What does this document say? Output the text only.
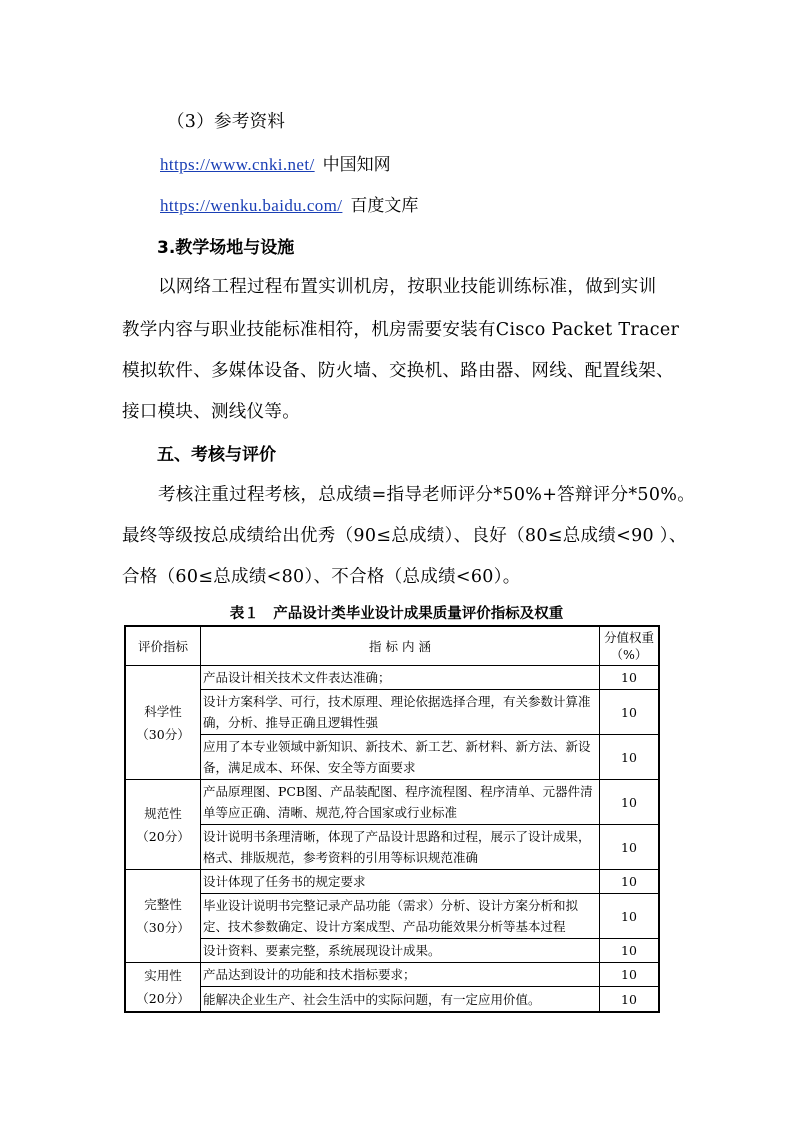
（3）参考资料
https://www.cnki.net/ 中国知网
https://wenku.baidu.com/ 百度文库
3.教学场地与设施
以网络工程过程布置实训机房，按职业技能训练标准，做到实训
教学内容与职业技能标准相符，机房需要安装有Cisco Packet Tracer
模拟软件、多媒体设备、防火墙、交换机、路由器、网线、配置线架、
接口模块、测线仪等。
五、考核与评价
考核注重过程考核，总成绩=指导老师评分*50%+答辩评分*50%。
最终等级按总成绩给出优秀（90≤总成绩）、良好（80≤总成绩<90 ）、
合格（60≤总成绩<80）、不合格（总成绩<60）。
表１　产品设计类毕业设计成果质量评价指标及权重
评价指标	指 标 内 涵	分值权重
（%）
科学性
（30分）	产品设计相关技术文件表达准确；	10
	设计方案科学、可行，技术原理、理论依据选择合理，有关参数计算准确，分析、推导正确且逻辑性强	10
	应用了本专业领域中新知识、新技术、新工艺、新材料、新方法、新设备，满足成本、环保、安全等方面要求	10
规范性
（20分）	产品原理图、PCB图、产品装配图、程序流程图、程序清单、元器件清单等应正确、清晰、规范,符合国家或行业标准	10
	设计说明书条理清晰，体现了产品设计思路和过程，展示了设计成果，格式、排版规范，参考资料的引用等标识规范准确	10
完整性
（30分）	设计体现了任务书的规定要求	10
	毕业设计说明书完整记录产品功能（需求）分析、设计方案分析和拟定、技术参数确定、设计方案成型、产品功能效果分析等基本过程	10
	设计资料、要素完整，系统展现设计成果。	10
实用性
（20分）	产品达到设计的功能和技术指标要求；	10
	能解决企业生产、社会生活中的实际问题，有一定应用价值。	10
